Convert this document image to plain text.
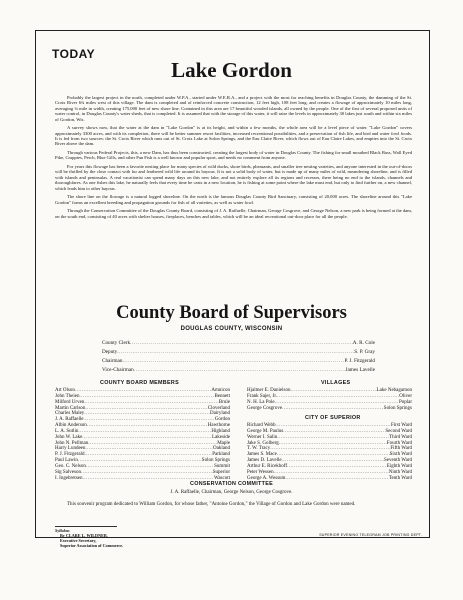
TODAY
Lake Gordon

Probably the largest project in the north, completed under W.P.A., started under W.E.R.A., and a project with the most far reaching benefits in Douglas County, the damming of the St. Croix River 6¾ miles west of this village. The dam is completed and of reinforced concrete construction, 12 feet high, 108 feet long, and creates a flowage of approximately 10 miles long, averaging ¾ mile in width, creating 175,000 feet of new shore line. Contained in this area are 17 beautiful wooded islands, all owned by the people. One of the first of several proposed units of water control, in Douglas County's water sheds, that is completed. It is assumed that with the storage of this water, it will raise the levels in approximately 30 lakes just south and within six miles of Gordon, Wis.

A survey shows now, that the water at the dam in "Lake Gordon" is at its height, and within a few months, the whole area will be a level piece of water. "Lake Gordon" covers approximately 3300 acres, and with its completion, there will be better summer resort facilities, increased recreational possibilities, and a preservation of fish life, and bird and water fowl foods. It is fed from two sources: the St. Croix River which runs out of St. Croix Lake at Solon Springs, and the Eau Claire River, which flows out of Eau Claire Lakes, and empties into the St. Croix River above the dam.

Through various Federal Projects, this, a new Dam, has thus been constructed, creating the largest body of water in Douglas County. The fishing for small mouthed Black Bass, Wall Eyed Pike, Crappies, Perch, Blue Gills, and other Pan Fish is a well known and popular sport, and needs no comment from anyone.

For years this flowage has been a favorite nesting place for many species of wild ducks, shore birds, pheasants, and smaller tree nesting varieties, and anyone interested in the out-of-doors will be thrilled by the close contact with fur and feathered wild life around its bayous. It is not a solid body of water, but is made up of many miles of wild, meandering shoreline, and is filled with islands and peninsulas. A real vacationist can spend many days on this new lake, and not entirely explore all its regions and recesses, there being no end to the islands, channels and thoroughfares. As one fishes this lake, he naturally feels that every time he casts in a new location, he is fishing at some point where the lake must end, but only to find further on, a new channel, which leads him to other bayous.

The shore line on the flowage is a natural logged shoreline. On the north is the famous Douglas County Bird Sanctuary, consisting of 20,000 acres. The shoreline around this "Lake Gordon" forms an excellent breeding and propagation grounds for fish of all varieties, as well as water fowl.

Through the Conservation Committee of the Douglas County Board, consisting of J. A. Raffaelle, Chairman, George Cosgrove, and George Nelson, a new park is being formed at the dam, on the south end, consisting of 40 acres with shelter houses, fireplaces, benches and tables, which will be an ideal recreational out-door place for all the people.

County Board of Supervisors
DOUGLAS COUNTY, WISCONSIN
County Clerk .....	A. R. Cole
Deputy .....	S. P. Gray
Chairman .....	P. J. Fitzgerald
Vice-Chairman .....	James Lavelle
COUNTY BOARD MEMBERS
Art Olson .....	Amnicon
John Theien .....	Bennett
Milford Urven .....	Brule
Martin Carlson .....	Cloverland
Charles Maley .....	Dairyland
J. A. Raffaelle .....	Gordon
Albin Anderson .....	Hawthorne
L. A. Sutlin .....	Highland
John W. Lake .....	Lakeside
John N. Pellman .....	Maple
Harry Lundeen .....	Oakland
P. J. Fitzgerald .....	Parkland
Paul Lawin .....	Solon Springs
Geo. C. Nelson .....	Summit
Sig Salveson .....	Superior
I. Ingebretsen .....	Wascott
VILLAGES
Hjalmer E. Danielson .....	Lake Nebagamon
Frank Sajer, Jr. .....	Oliver
N. H. La Pole .....	Poplar
George Cosgrove .....	Solon Springs
CITY OF SUPERIOR
Richard Webb .....	First Ward
George M. Paulus .....	Second Ward
Werner I. Salin .....	Third Ward
Jake S. Golberg .....	Fourth Ward
T. W. Tracy .....	Fifth Ward
James S. Mace .....	Sixth Ward
James D. Lavelle .....	Seventh Ward
Arthur E. Ricekhoff .....	Eighth Ward
Peter Wessen .....	Ninth Ward
George A. Wessum .....	Tenth Ward
CONSERVATION COMMITTEE
J. A. Raffaelle, Chairman, George Nelson, George Cosgrove.
This souvenir program dedicated to William Gordon, for whose father, "Antoine Gordon," the Village of Gordon and Lake Gordon were named.
Syllabus
By CLARE L. WILDNER,
Executive Secretary,
Superior Association of Commerce.
SUPERIOR EVENING TELEGRAM JOB PRINTING DEPT.
